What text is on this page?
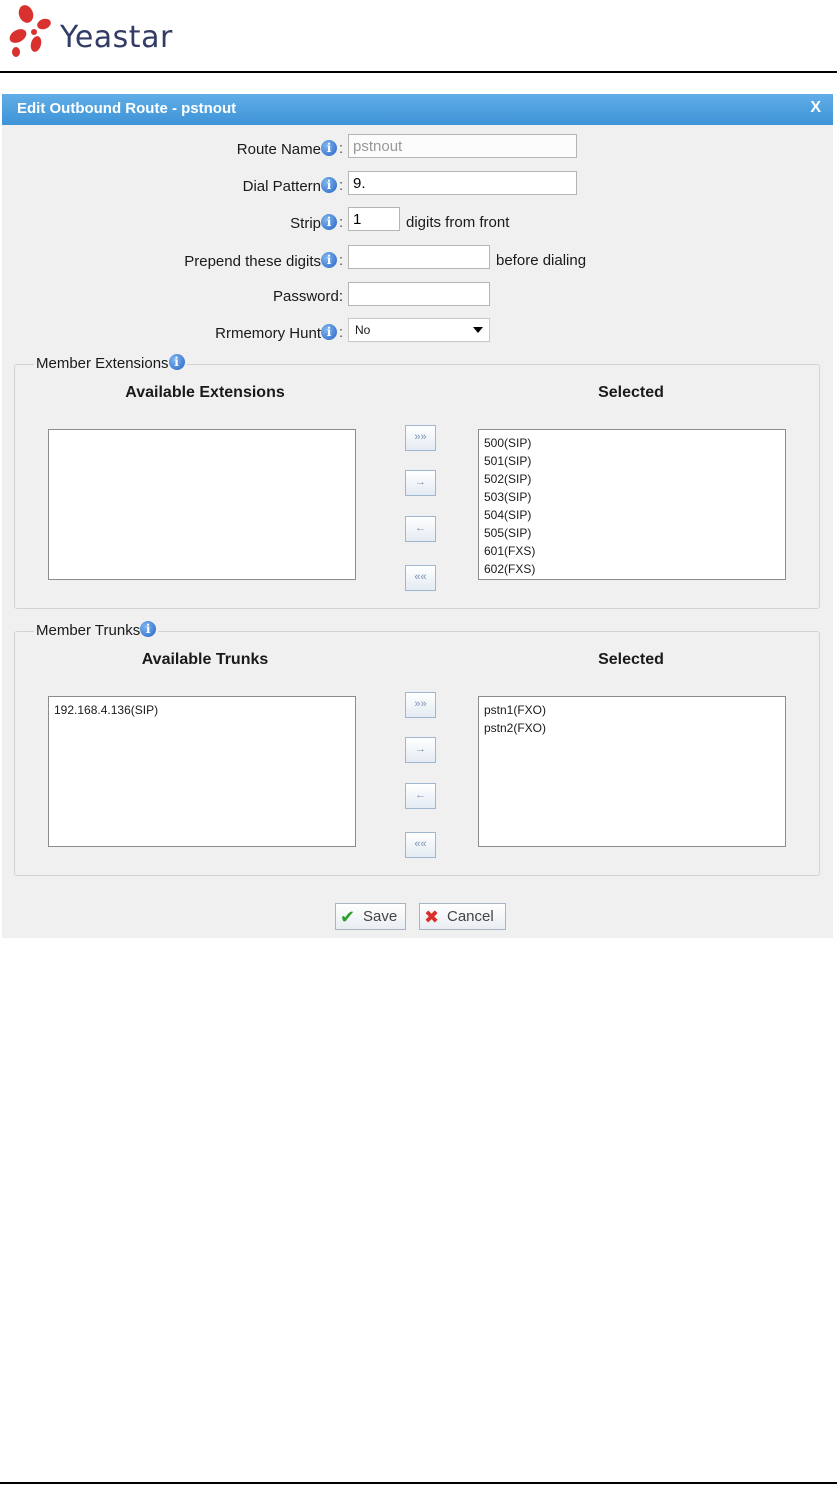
Yeastar
Edit Outbound Route - pstnout	X
Route Name i :
pstnout
Dial Pattern i :
9.
Strip i :
1	digits from front
Prepend these digits i :	before dialing
Password:
Rrmemory Hunt i : No
Member Extensions i
Available Extensions	Selected
500(SIP)
501(SIP)
502(SIP)
503(SIP)
504(SIP)
505(SIP)
601(FXS)
602(FXS)
»»
→
←
««
Member Trunks i
Available Trunks	Selected
192.168.4.136(SIP)	pstn1(FXO)
pstn2(FXO)
»»
→
←
««
✔ Save ✖ Cancel
